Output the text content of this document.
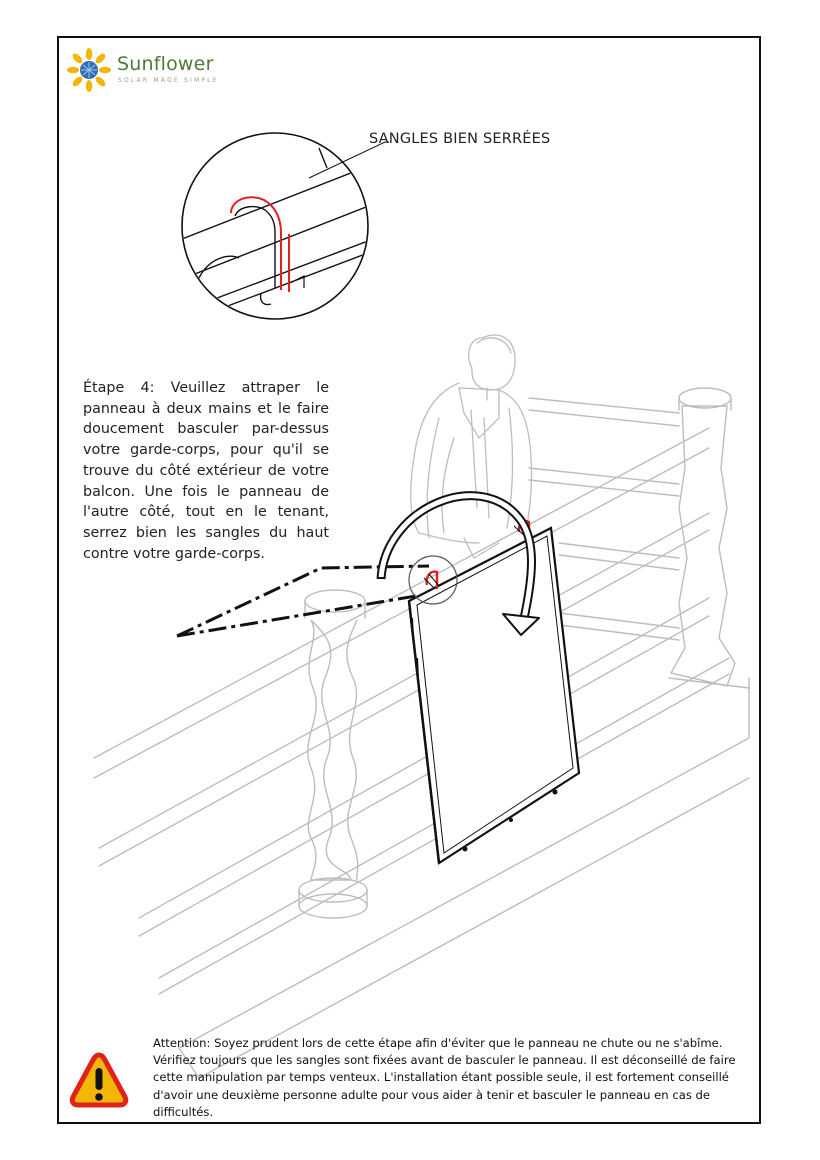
Sunflower
SOLAR MADE SIMPLE
SANGLES BIEN SERRÉES
Étape 4: Veuillez attraper le panneau à deux mains et le faire doucement basculer par-dessus votre garde-corps, pour qu'il se trouve du côté extérieur de votre balcon. Une fois le panneau de l'autre côté, tout en le tenant, serrez bien les sangles du haut contre votre garde-corps.
Attention: Soyez prudent lors de cette étape afin d'éviter que le panneau ne chute ou ne s'abîme. Vérifiez toujours que les sangles sont fixées avant de basculer le panneau. Il est déconseillé de faire cette manipulation par temps venteux. L'installation étant possible seule, il est fortement conseillé d'avoir une deuxième personne adulte pour vous aider à tenir et basculer le panneau en cas de difficultés.
